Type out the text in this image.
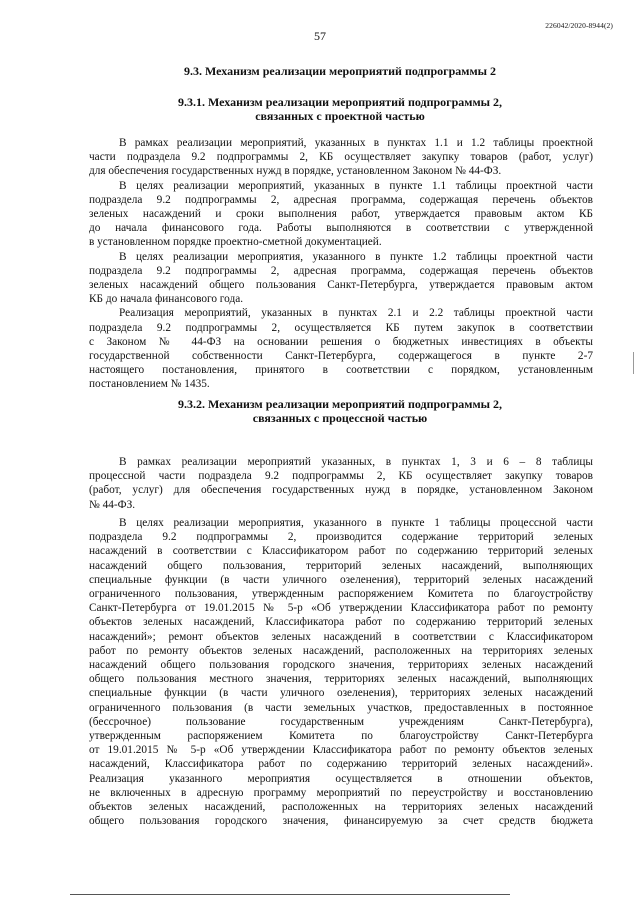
226042/2020-8944(2)
57
9.3. Механизм реализации мероприятий подпрограммы 2
9.3.1. Механизм реализации мероприятий подпрограммы 2,
связанных с проектной частью
В рамках реализации мероприятий, указанных в пунктах 1.1 и 1.2 таблицы проектной
части подраздела 9.2 подпрограммы 2, КБ осуществляет закупку товаров (работ, услуг)
для обеспечения государственных нужд в порядке, установленном Законом № 44-ФЗ.
В целях реализации мероприятий, указанных в пункте 1.1 таблицы проектной части
подраздела 9.2 подпрограммы 2, адресная программа, содержащая перечень объектов
зеленых насаждений и сроки выполнения работ, утверждается правовым актом КБ
до начала финансового года. Работы выполняются в соответствии с утвержденной
в установленном порядке проектно-сметной документацией.
В целях реализации мероприятия, указанного в пункте 1.2 таблицы проектной части
подраздела 9.2 подпрограммы 2, адресная программа, содержащая перечень объектов
зеленых насаждений общего пользования Санкт-Петербурга, утверждается правовым актом
КБ до начала финансового года.
Реализация мероприятий, указанных в пунктах 2.1 и 2.2 таблицы проектной части
подраздела 9.2 подпрограммы 2, осуществляется КБ путем закупок в соответствии
с Законом № 44-ФЗ на основании решения о бюджетных инвестициях в объекты
государственной собственности Санкт-Петербурга, содержащегося в пункте 2-7
настоящего постановления, принятого в соответствии с порядком, установленным
постановлением № 1435.
9.3.2. Механизм реализации мероприятий подпрограммы 2,
связанных с процессной частью
В рамках реализации мероприятий указанных, в пунктах 1, 3 и 6 – 8 таблицы
процессной части подраздела 9.2 подпрограммы 2, КБ осуществляет закупку товаров
(работ, услуг) для обеспечения государственных нужд в порядке, установленном Законом
№ 44-ФЗ.
В целях реализации мероприятия, указанного в пункте 1 таблицы процессной части
подраздела 9.2 подпрограммы 2, производится содержание территорий зеленых
насаждений в соответствии с Классификатором работ по содержанию территорий зеленых
насаждений общего пользования, территорий зеленых насаждений, выполняющих
специальные функции (в части уличного озеленения), территорий зеленых насаждений
ограниченного пользования, утвержденным распоряжением Комитета по благоустройству
Санкт-Петербурга от 19.01.2015 № 5-р «Об утверждении Классификатора работ по ремонту
объектов зеленых насаждений, Классификатора работ по содержанию территорий зеленых
насаждений»; ремонт объектов зеленых насаждений в соответствии с Классификатором
работ по ремонту объектов зеленых насаждений, расположенных на территориях зеленых
насаждений общего пользования городского значения, территориях зеленых насаждений
общего пользования местного значения, территориях зеленых насаждений, выполняющих
специальные функции (в части уличного озеленения), территориях зеленых насаждений
ограниченного пользования (в части земельных участков, предоставленных в постоянное
(бессрочное) пользование государственным учреждениям Санкт-Петербурга),
утвержденным распоряжением Комитета по благоустройству Санкт-Петербурга
от 19.01.2015 № 5-р «Об утверждении Классификатора работ по ремонту объектов зеленых
насаждений, Классификатора работ по содержанию территорий зеленых насаждений».
Реализация указанного мероприятия осуществляется в отношении объектов,
не включенных в адресную программу мероприятий по переустройству и восстановлению
объектов зеленых насаждений, расположенных на территориях зеленых насаждений
общего пользования городского значения, финансируемую за счет средств бюджета
